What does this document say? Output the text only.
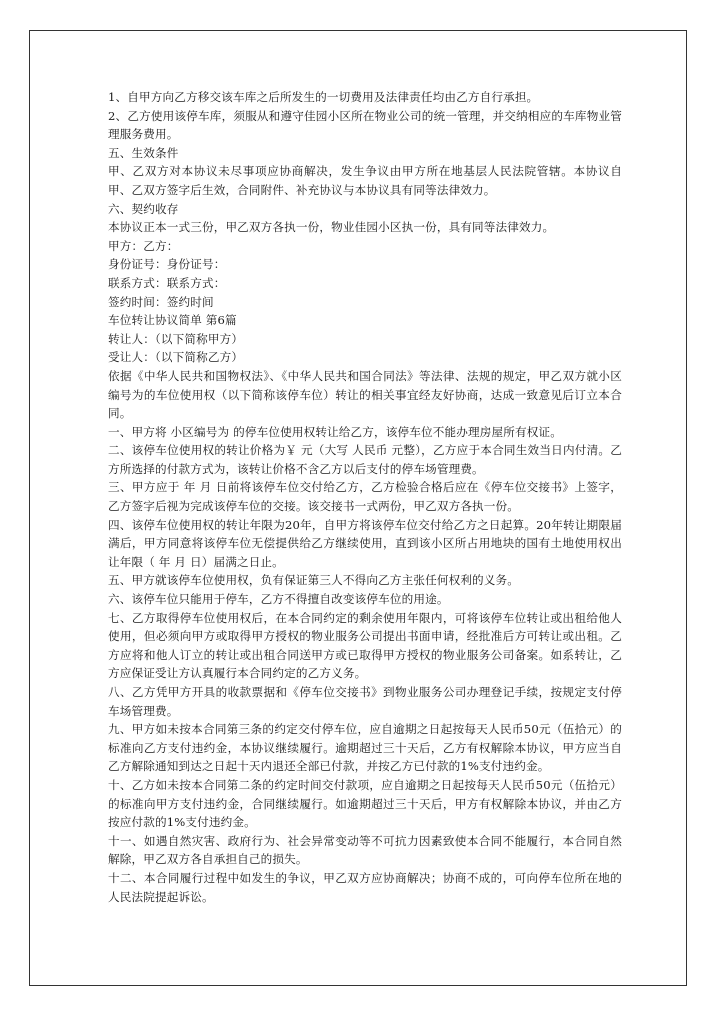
1、自甲方向乙方移交该车库之后所发生的一切费用及法律责任均由乙方自行承担。

2、乙方使用该停车库，须服从和遵守佳园小区所在物业公司的统一管理，并交纳相应的车库物业管理服务费用。

五、生效条件

甲、乙双方对本协议未尽事项应协商解决，发生争议由甲方所在地基层人民法院管辖。本协议自甲、乙双方签字后生效，合同附件、补充协议与本协议具有同等法律效力。

六、契约收存

本协议正本一式三份，甲乙双方各执一份，物业佳园小区执一份，具有同等法律效力。

甲方：乙方：

身份证号：身份证号：

联系方式：联系方式：

签约时间：签约时间

车位转让协议简单 第6篇

转让人：（以下简称甲方）

受让人：（以下简称乙方）

依据《中华人民共和国物权法》、《中华人民共和国合同法》等法律、法规的规定，甲乙双方就小区编号为的车位使用权（以下简称该停车位）转让的相关事宜经友好协商，达成一致意见后订立本合同。

一、甲方将 小区编号为 的停车位使用权转让给乙方，该停车位不能办理房屋所有权证。

二、该停车位使用权的转让价格为￥ 元（大写 人民币 元整），乙方应于本合同生效当日内付清。乙方所选择的付款方式为，该转让价格不含乙方以后支付的停车场管理费。

三、甲方应于 年 月 日前将该停车位交付给乙方，乙方检验合格后应在《停车位交接书》上签字，乙方签字后视为完成该停车位的交接。该交接书一式两份，甲乙双方各执一份。

四、该停车位使用权的转让年限为20年，自甲方将该停车位交付给乙方之日起算。20年转让期限届满后，甲方同意将该停车位无偿提供给乙方继续使用，直到该小区所占用地块的国有土地使用权出让年限（ 年 月 日）届满之日止。

五、甲方就该停车位使用权，负有保证第三人不得向乙方主张任何权利的义务。

六、该停车位只能用于停车，乙方不得擅自改变该停车位的用途。

七、乙方取得停车位使用权后，在本合同约定的剩余使用年限内，可将该停车位转让或出租给他人使用，但必须向甲方或取得甲方授权的物业服务公司提出书面申请，经批准后方可转让或出租。乙方应将和他人订立的转让或出租合同送甲方或已取得甲方授权的物业服务公司备案。如系转让，乙方应保证受让方认真履行本合同约定的乙方义务。

八、乙方凭甲方开具的收款票据和《停车位交接书》到物业服务公司办理登记手续，按规定支付停车场管理费。

九、甲方如未按本合同第三条的约定交付停车位，应自逾期之日起按每天人民币50元（伍拾元）的标准向乙方支付违约金，本协议继续履行。逾期超过三十天后，乙方有权解除本协议，甲方应当自乙方解除通知到达之日起十天内退还全部已付款，并按乙方已付款的1%支付违约金。

十、乙方如未按本合同第二条的约定时间交付款项，应自逾期之日起按每天人民币50元（伍拾元）的标准向甲方支付违约金，合同继续履行。如逾期超过三十天后，甲方有权解除本协议，并由乙方按应付款的1%支付违约金。

十一、如遇自然灾害、政府行为、社会异常变动等不可抗力因素致使本合同不能履行，本合同自然解除，甲乙双方各自承担自己的损失。

十二、本合同履行过程中如发生的争议，甲乙双方应协商解决；协商不成的，可向停车位所在地的人民法院提起诉讼。
